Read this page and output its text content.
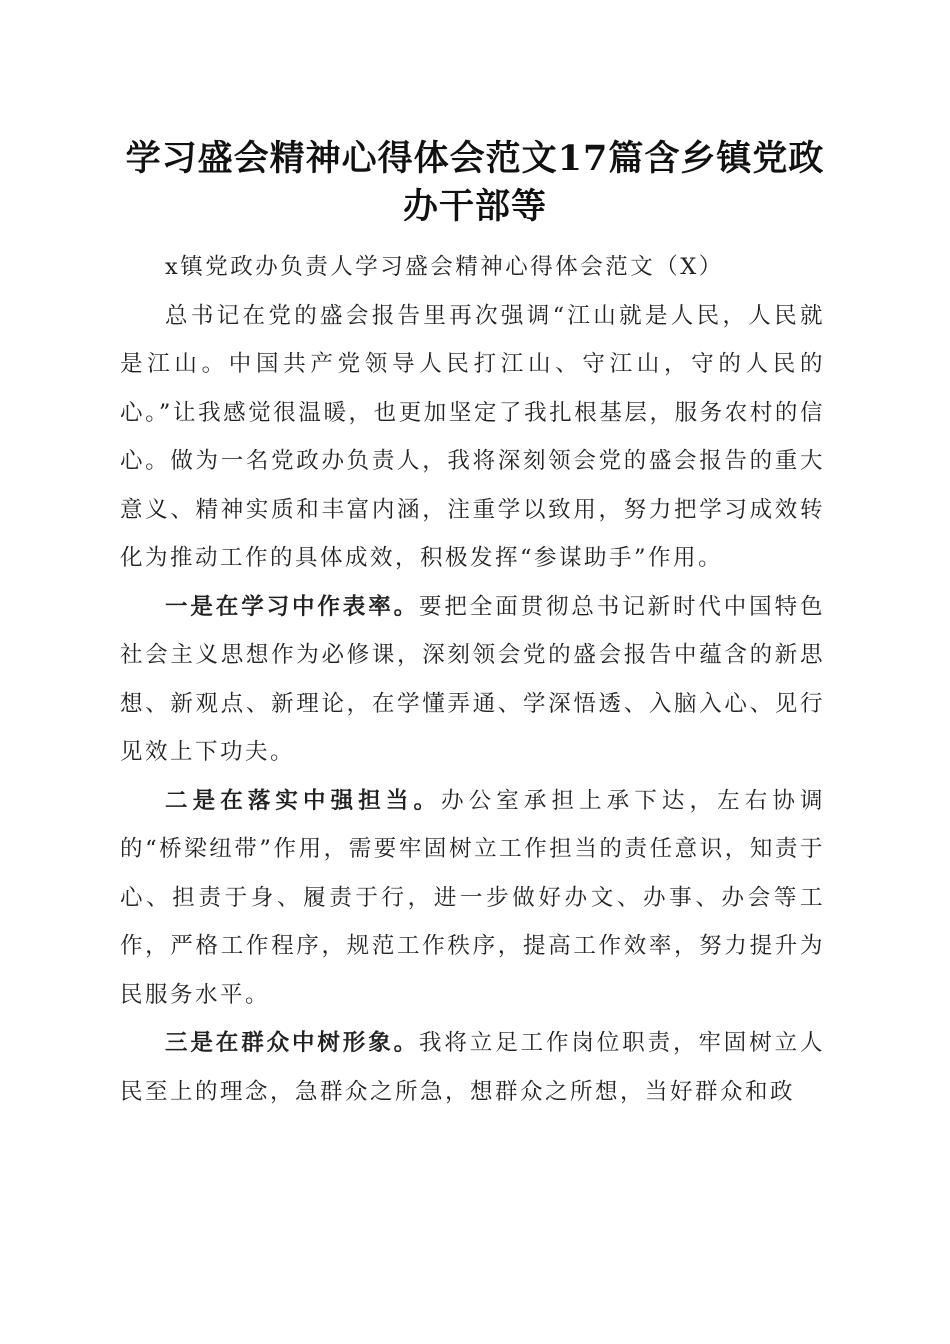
学习盛会精神心得体会范文17篇含乡镇党政
办干部等

x镇党政办负责人学习盛会精神心得体会范文（X）

总书记在党的盛会报告里再次强调“江山就是人民，人民就是江山。中国共产党领导人民打江山、守江山，守的人民的心。”让我感觉很温暖，也更加坚定了我扎根基层，服务农村的信心。做为一名党政办负责人，我将深刻领会党的盛会报告的重大意义、精神实质和丰富内涵，注重学以致用，努力把学习成效转化为推动工作的具体成效，积极发挥“参谋助手”作用。

一是在学习中作表率。要把全面贯彻总书记新时代中国特色社会主义思想作为必修课，深刻领会党的盛会报告中蕴含的新思想、新观点、新理论，在学懂弄通、学深悟透、入脑入心、见行见效上下功夫。

二是在落实中强担当。办公室承担上承下达，左右协调的“桥梁纽带”作用，需要牢固树立工作担当的责任意识，知责于心、担责于身、履责于行，进一步做好办文、办事、办会等工作，严格工作程序，规范工作秩序，提高工作效率，努力提升为民服务水平。

三是在群众中树形象。我将立足工作岗位职责，牢固树立人民至上的理念，急群众之所急，想群众之所想，当好群众和政
